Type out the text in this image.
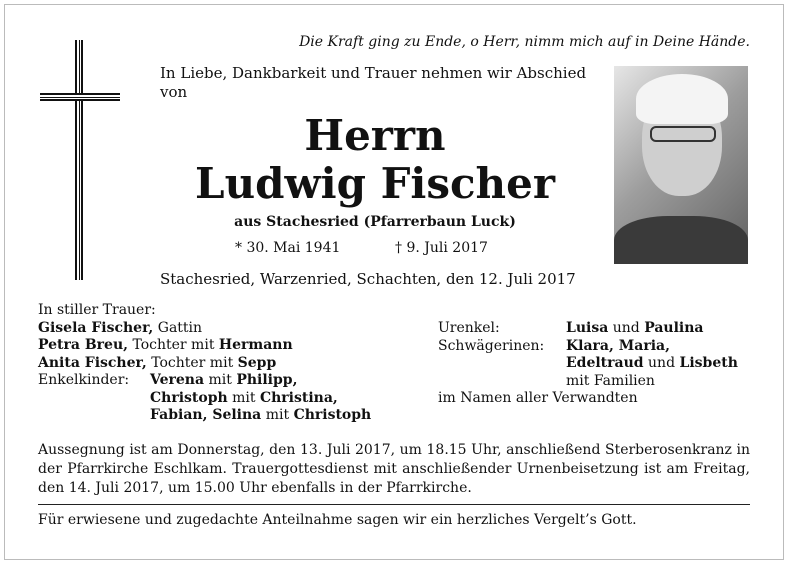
Die Kraft ging zu Ende, o Herr, nimm mich auf in Deine Hände.
In Liebe, Dankbarkeit und Trauer nehmen wir Abschied von
Herrn
Ludwig Fischer
aus Stachesried (Pfarrerbaun Luck)
* 30. Mai 1941	† 9. Juli 2017
Stachesried, Warzenried, Schachten, den 12. Juli 2017
In stiller Trauer:
Gisela Fischer, Gattin
Petra Breu, Tochter mit Hermann
Anita Fischer, Tochter mit Sepp
Enkelkinder: Verena mit Philipp,
Christoph mit Christina,
Fabian, Selina mit Christoph
Urenkel:	Luisa und Paulina
Schwägerinen: Klara, Maria,
Edeltraud und Lisbeth
mit Familien
im Namen aller Verwandten
Aussegnung ist am Donnerstag, den 13. Juli 2017, um 18.15 Uhr, anschließend Sterberosenkranz in der Pfarrkirche Eschlkam. Trauergottesdienst mit anschließender Urnenbeisetzung ist am Freitag, den 14. Juli 2017, um 15.00 Uhr ebenfalls in der Pfarrkirche.
Für erwiesene und zugedachte Anteilnahme sagen wir ein herzliches Vergelt’s Gott.
